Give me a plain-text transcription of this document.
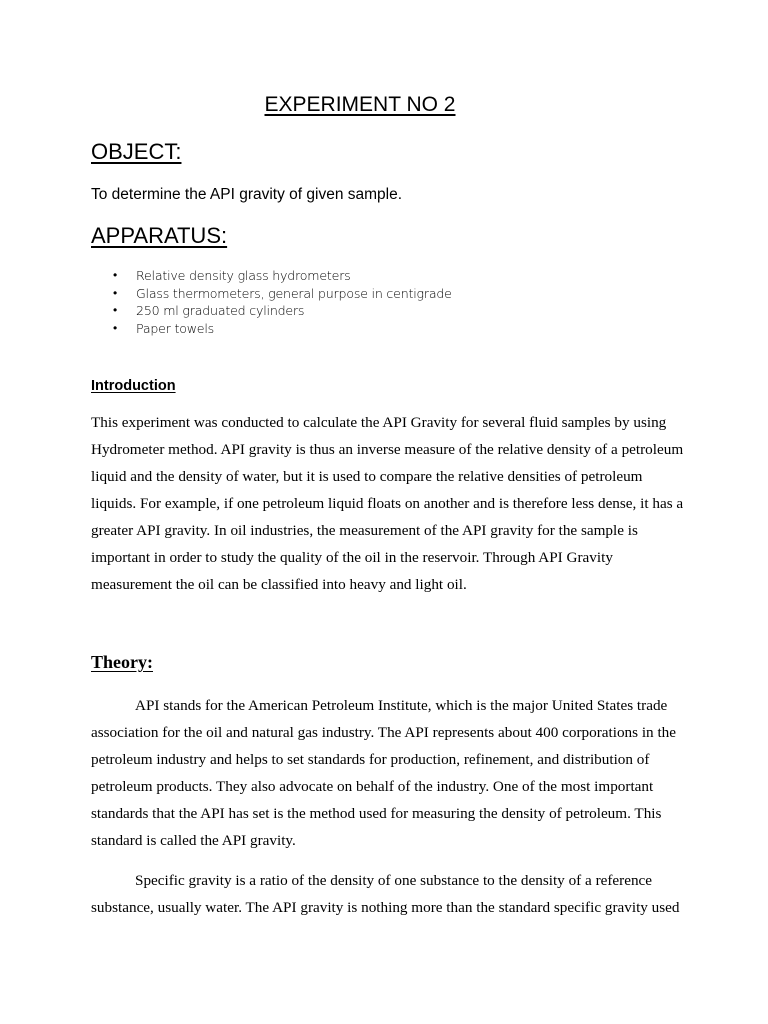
EXPERIMENT NO 2
OBJECT:

To determine the API gravity of given sample.

APPARATUS:
• Relative density glass hydrometers
• Glass thermometers, general purpose in centigrade
• 250 ml graduated cylinders
• Paper towels
Introduction

This experiment was conducted to calculate the API Gravity for several fluid samples by using Hydrometer method. API gravity is thus an inverse measure of the relative density of a petroleum liquid and the density of water, but it is used to compare the relative densities of petroleum liquids. For example, if one petroleum liquid floats on another and is therefore less dense, it has a greater API gravity. In oil industries, the measurement of the API gravity for the sample is important in order to study the quality of the oil in the reservoir. Through API Gravity measurement the oil can be classified into heavy and light oil.

Theory:

API stands for the American Petroleum Institute, which is the major United States trade association for the oil and natural gas industry. The API represents about 400 corporations in the petroleum industry and helps to set standards for production, refinement, and distribution of petroleum products. They also advocate on behalf of the industry. One of the most important standards that the API has set is the method used for measuring the density of petroleum. This standard is called the API gravity.

Specific gravity is a ratio of the density of one substance to the density of a reference substance, usually water. The API gravity is nothing more than the standard specific gravity used
